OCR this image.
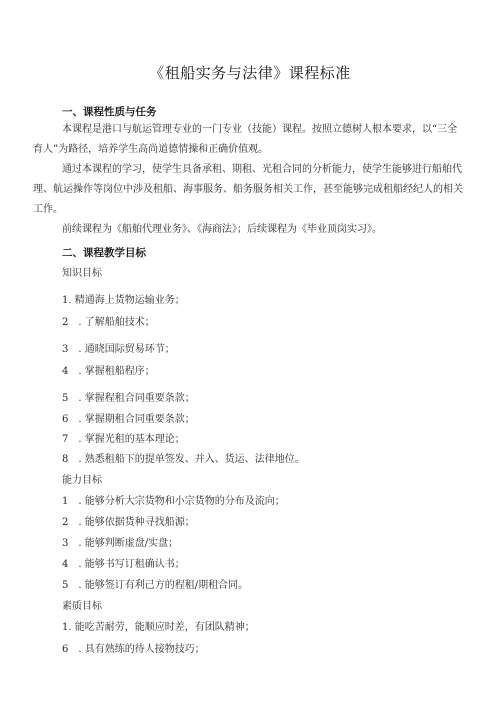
《租船实务与法律》课程标准
一、课程性质与任务
本课程是港口与航运管理专业的一门专业（技能）课程。按照立德树人根本要求，以“三全
育人”为路径，培养学生高尚道德情操和正确价值观。
通过本课程的学习，使学生具备承租、期租、光租合同的分析能力，使学生能够进行船舶代
理、航运操作等岗位中涉及租船、海事服务、船务服务相关工作，甚至能够完成租船经纪人的相关
工作。
前续课程为《船舶代理业务》、《海商法》；后续课程为《毕业顶岗实习》。
二、课程教学目标
知识目标
1. 精通海上货物运输业务；
2　. 了解船舶技术；
3　. 通晓国际贸易环节；
4　. 掌握租船程序；
5　. 掌握程租合同重要条款；
6　. 掌握期租合同重要条款；
7　. 掌握光租的基本理论；
8　. 熟悉租船下的提单签发、并入、货运、法律地位。
能力目标
1　. 能够分析大宗货物和小宗货物的分布及流向；
2　. 能够依据货种寻找船源；
3　. 能够判断虚盘/实盘；
4　. 能够书写订租确认书；
5　. 能够签订有利己方的程租/期租合同。
素质目标
1. 能吃苦耐劳，能顺应时差，有团队精神；
6　. 具有熟练的待人接物技巧；
